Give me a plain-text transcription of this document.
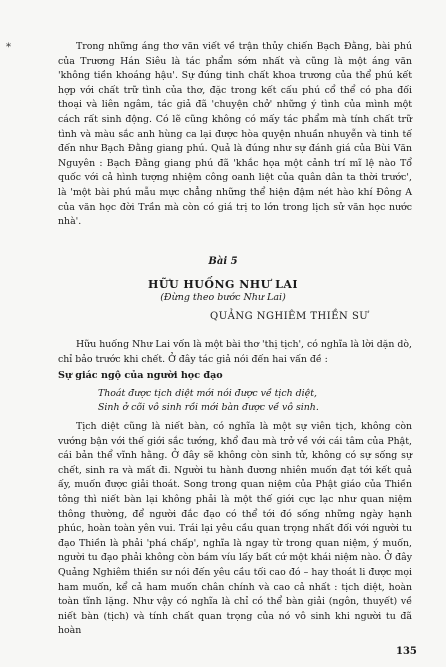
*	Trong những áng thơ văn viết về trận thủy chiến Bạch Đằng, bài phú của Trương Hán Siêu là tác phẩm sớm nhất và cũng là một áng văn 'không tiền khoáng hậu'. Sự đúng tinh chất khoa trương của thể phú kết hợp với chất trữ tình của thơ, đặc trong kết cấu phú cổ thể có pha đối thoại và liên ngâm, tác giả đã 'chuyện chở' những ý tình của mình một cách rất sinh động. Có lẽ cũng không có mấy tác phẩm mà tính chất trữ tình và màu sắc anh hùng ca lại được hòa quyện nhuần nhuyễn và tinh tế đến như Bạch Đằng giang phú. Quả là đúng như sự đánh giá của Bùi Văn Nguyên : Bạch Đằng giang phú đã 'khắc họa một cảnh trí mĩ lệ nào Tổ quốc với cả hình tượng nhiệm công oanh liệt của quân dân ta thời trước', là 'một bài phú mẫu mực chẳng những thể hiện đậm nét hào khí Đông A của văn học đời Trần mà còn có giá trị to lớn trong lịch sử văn học nước nhà'.

Bài 5
HỮU HUỐNG NHƯ LAI
(Đừng theo bước Như Lai)
QUẢNG NGHIÊM THIỀN SƯ

Hữu huống Như Lai vốn là một bài thơ 'thị tịch', có nghĩa là lời dặn dò, chỉ bảo trước khi chết. Ở đây tác giả nói đến hai vấn đề :

Sự giác ngộ của người học đạo
Thoát được tịch diệt mới nói được về tịch diệt,
Sinh ở cõi vô sinh rồi mới bàn được về vô sinh.

Tịch diệt cũng là niết bàn, có nghĩa là một sự viên tịch, không còn vướng bận với thế giới sắc tướng, khổ đau mà trở về với cái tâm của Phật, cái bản thể vĩnh hằng. Ở đây sẽ không còn sinh tử, không có sự sống sự chết, sinh ra và mất đi. Người tu hành đương nhiên muốn đạt tới kết quả ấy, muốn được giải thoát. Song trong quan niệm của Phật giáo của Thiền tông thì niết bàn lại không phải là một thế giới cực lạc như quan niệm thông thường, để người đắc đạo có thể tới đó sống những ngày hạnh phúc, hoàn toàn yên vui. Trái lại yêu cầu quan trọng nhất đối với người tu đạo Thiền là phải 'phá chấp', nghĩa là ngay từ trong quan niệm, ý muốn, người tu đạo phải không còn bám víu lấy bất cứ một khái niệm nào. Ở đây Quảng Nghiêm thiền sư nói đến yêu cầu tối cao đó – hay thoát li được mọi ham muốn, kể cả ham muốn chân chính và cao cả nhất : tịch diệt, hoàn toàn tĩnh lặng. Như vậy có nghĩa là chỉ có thể bàn giải (ngôn, thuyết) về niết bàn (tịch) và tính chất quan trọng của nó vô sinh khi người tu đã hoàn

135
